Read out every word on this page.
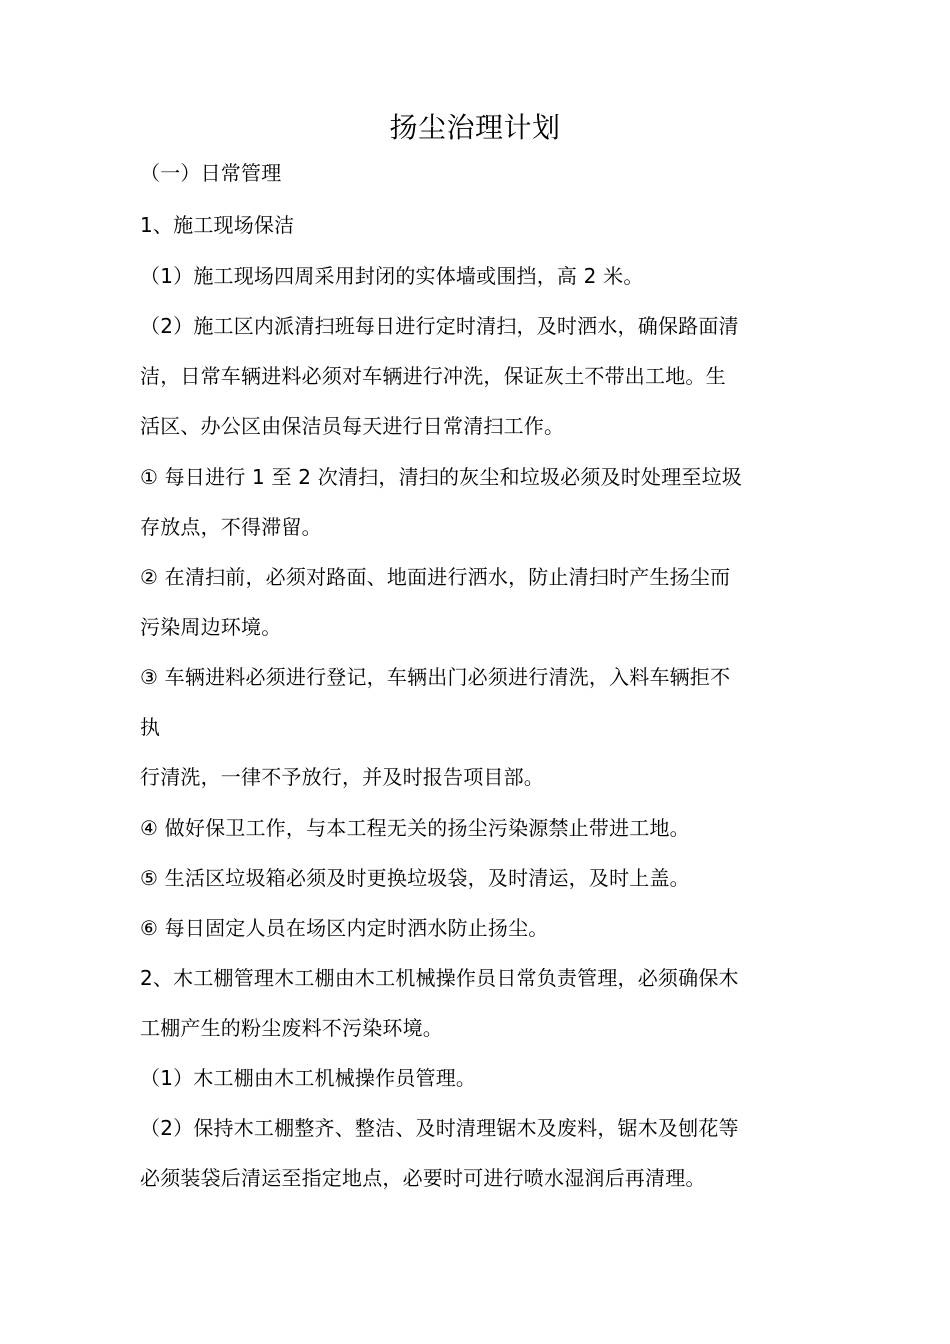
扬尘治理计划
（一）日常管理
1、施工现场保洁
（1）施工现场四周采用封闭的实体墙或围挡，高 2 米。
（2）施工区内派清扫班每日进行定时清扫，及时洒水，确保路面清
洁，日常车辆进料必须对车辆进行冲洗，保证灰土不带出工地。生
活区、办公区由保洁员每天进行日常清扫工作。
① 每日进行 1 至 2 次清扫，清扫的灰尘和垃圾必须及时处理至垃圾
存放点，不得滞留。
② 在清扫前，必须对路面、地面进行洒水，防止清扫时产生扬尘而
污染周边环境。
③ 车辆进料必须进行登记，车辆出门必须进行清洗，入料车辆拒不
执
行清洗，一律不予放行，并及时报告项目部。
④ 做好保卫工作，与本工程无关的扬尘污染源禁止带进工地。
⑤ 生活区垃圾箱必须及时更换垃圾袋，及时清运，及时上盖。
⑥ 每日固定人员在场区内定时洒水防止扬尘。
2、木工棚管理木工棚由木工机械操作员日常负责管理，必须确保木
工棚产生的粉尘废料不污染环境。
（1）木工棚由木工机械操作员管理。
（2）保持木工棚整齐、整洁、及时清理锯木及废料，锯木及刨花等
必须装袋后清运至指定地点，必要时可进行喷水湿润后再清理。
